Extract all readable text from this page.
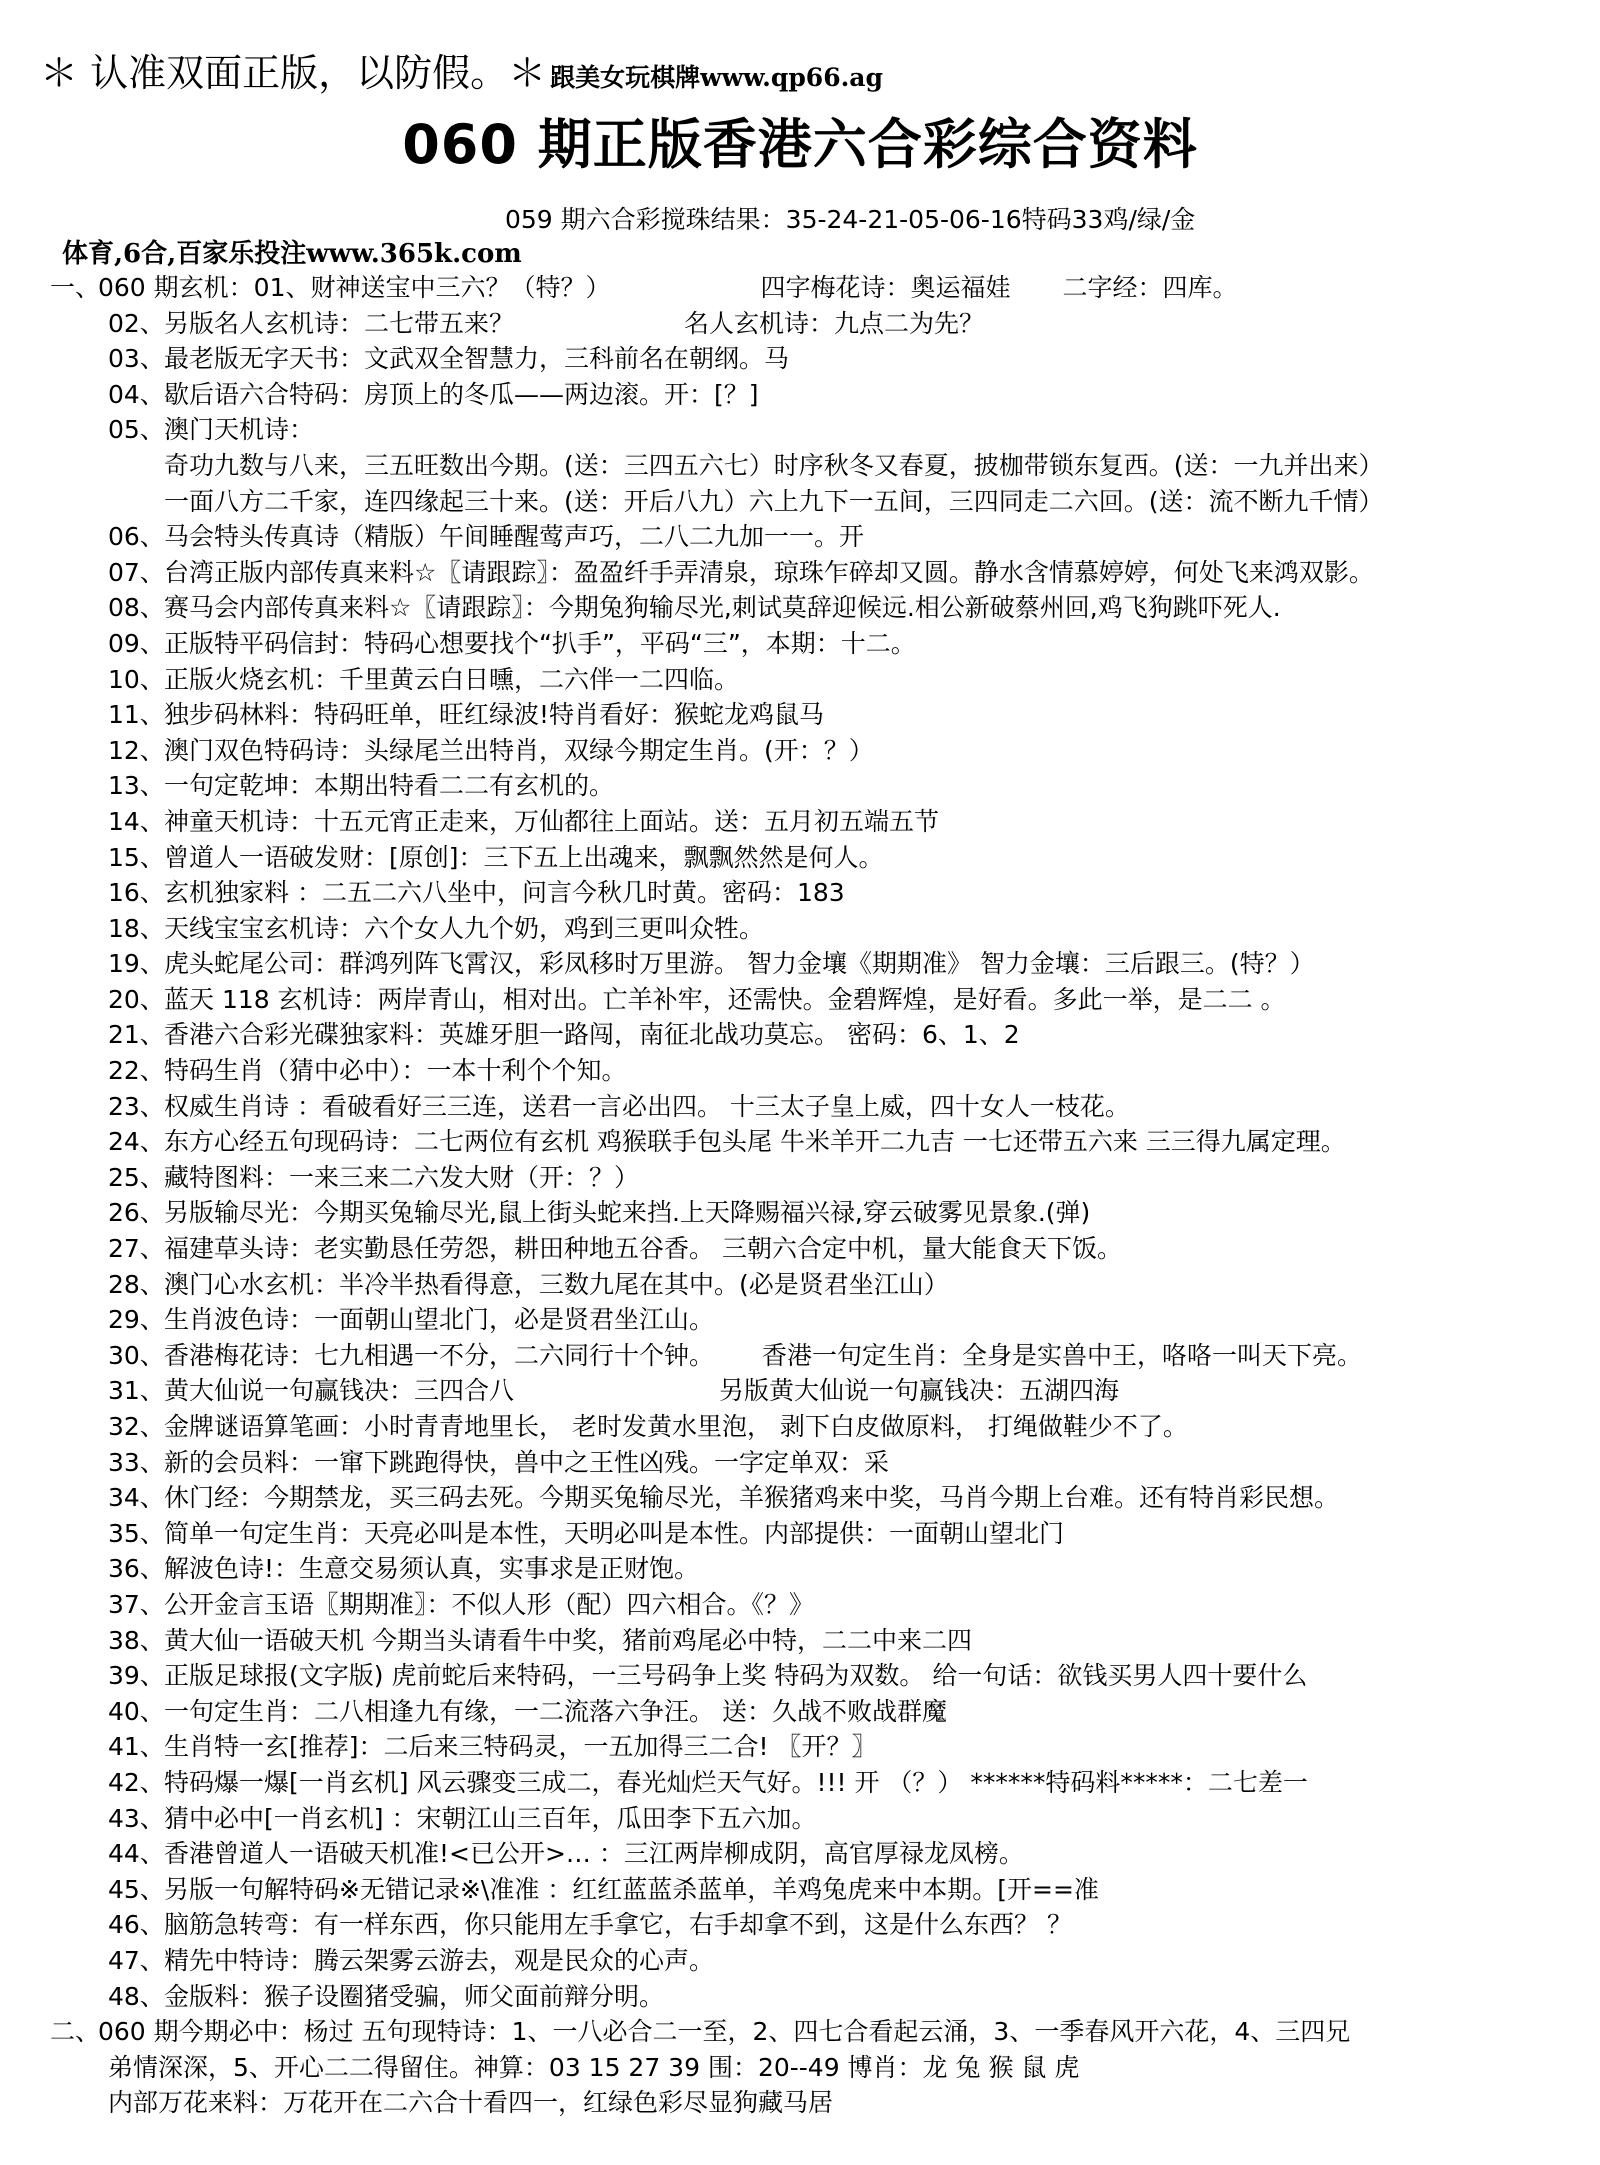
＊ 认准双面正版，以防假。＊ 跟美女玩棋牌www.qp66.ag
060 期正版香港六合彩综合资料
059 期六合彩搅珠结果：35-24-21-05-06-16特码33鸡/绿/金
体育,6合,百家乐投注www.365k.com
一、
060 期玄机：01、财神送宝中三六？（特？）	四字梅花诗：奥运福娃 二字经：四库。
02、 另版名人玄机诗：二七带五来？	名人玄机诗：九点二为先？
03、 最老版无字天书：文武双全智慧力，三科前名在朝纲。马
04、 歇后语六合特码：房顶上的冬瓜——两边滚。开：[？]
05、 澳门天机诗：
奇功九数与八来，三五旺数出今期。(送：三四五六七）时序秋冬又春夏，披枷带锁东复西。(送：一九并出来）
一面八方二千家，连四缘起三十来。(送：开后八九）六上九下一五间，三四同走二六回。(送：流不断九千情）
06、 马会特头传真诗（精版）午间睡醒莺声巧，二八二九加一一。开
07、 台湾正版内部传真来料☆〖请跟踪〗：盈盈纤手弄清泉，琼珠乍碎却又圆。静水含情慕婷婷，何处飞来鸿双影。
08、 赛马会内部传真来料☆〖请跟踪〗：今期兔狗输尽光,刺试莫辞迎候远.相公新破蔡州回,鸡飞狗跳吓死人.
09、 正版特平码信封：特码心想要找个“扒手”，平码“三”，本期：十二。
10、 正版火烧玄机：千里黄云白日曛，二六伴一二四临。
11、 独步码林料：特码旺单，旺红绿波!特肖看好：猴蛇龙鸡鼠马
12、 澳门双色特码诗：头绿尾兰出特肖，双绿今期定生肖。(开：？）
13、 一句定乾坤：本期出特看二二有玄机的。
14、 神童天机诗：十五元宵正走来，万仙都往上面站。送：五月初五端五节
15、 曾道人一语破发财：[原创]：三下五上出魂来，飘飘然然是何人。
16、 玄机独家料 ：二五二六八坐中，问言今秋几时黄。密码：183
18、 天线宝宝玄机诗：六个女人九个奶，鸡到三更叫众牲。
19、 虎头蛇尾公司：群鸿列阵飞霄汉，彩凤移时万里游。 智力金壤《期期准》 智力金壤：三后跟三。(特？）
20、 蓝天 118 玄机诗：两岸青山，相对出。亡羊补牢，还需快。金碧辉煌，是好看。多此一举，是二二 。
21、 香港六合彩光碟独家料：英雄牙胆一路闯，南征北战功莫忘。 密码：6、1、2
22、 特码生肖（猜中必中）：一本十利个个知。
23、 权威生肖诗 ：看破看好三三连，送君一言必出四。 十三太子皇上威，四十女人一枝花。
24、 东方心经五句现码诗：二七两位有玄机 鸡猴联手包头尾 牛米羊开二九吉 一七还带五六来 三三得九属定理。
25、 藏特图料：一来三来二六发大财（开：？）
26、 另版输尽光：今期买兔输尽光,鼠上街头蛇来挡.上天降赐福兴禄,穿云破雾见景象.(弹)
27、 福建草头诗：老实勤恳任劳怨，耕田种地五谷香。 三朝六合定中机，量大能食天下饭。
28、 澳门心水玄机：半冷半热看得意，三数九尾在其中。(必是贤君坐江山）
29、 生肖波色诗：一面朝山望北门，必是贤君坐江山。
30、 香港梅花诗：七九相遇一不分，二六同行十个钟。 香港一句定生肖：全身是实兽中王，咯咯一叫天下亮。
31、 黄大仙说一句赢钱决：三四合八	另版黄大仙说一句赢钱决：五湖四海
32、 金牌谜语算笔画：小时青青地里长， 老时发黄水里泡， 剥下白皮做原料， 打绳做鞋少不了。
33、 新的会员料：一窜下跳跑得快，兽中之王性凶残。一字定单双：采
34、 休门经：今期禁龙，买三码去死。今期买兔输尽光，羊猴猪鸡来中奖，马肖今期上台难。还有特肖彩民想。
35、 简单一句定生肖：天亮必叫是本性，天明必叫是本性。内部提供：一面朝山望北门
36、 解波色诗!：生意交易须认真，实事求是正财饱。
37、 公开金言玉语〖期期准〗：不似人形（配）四六相合。《？》
38、 黄大仙一语破天机 今期当头请看牛中奖，猪前鸡尾必中特，二二中来二四
39、 正版足球报(文字版) 虎前蛇后来特码，一三号码争上奖 特码为双数。 给一句话：欲钱买男人四十要什么
40、 一句定生肖：二八相逢九有缘，一二流落六争汪。 送：久战不败战群魔
41、 生肖特一玄[推荐]：二后来三特码灵，一五加得三二合! 〖开？〗
42、 特码爆一爆[一肖玄机] 风云骤变三成二，春光灿烂天气好。!!! 开 （？） ******特码料*****：二七差一
43、 猜中必中[一肖玄机] ：宋朝江山三百年，瓜田李下五六加。
44、 香港曾道人一语破天机准!<已公开>… ：三江两岸柳成阴，高官厚禄龙凤榜。
45、 另版一句解特码※无错记录※\准准 ：红红蓝蓝杀蓝单，羊鸡兔虎来中本期。[开==准
46、 脑筋急转弯：有一样东西，你只能用左手拿它，右手却拿不到，这是什么东西？ ？
47、 精先中特诗：腾云架雾云游去，观是民众的心声。
48、 金版料：猴子设圈猪受骗，师父面前辩分明。
二、
060 期今期必中：杨过 五句现特诗：1、一八必合二一至，2、四七合看起云涌，3、一季春风开六花，4、三四兄
弟情深深，5、开心二二得留住。神算：03 15 27 39 围：20--49 博肖：龙 兔 猴 鼠 虎
内部万花来料：万花开在二六合十看四一，红绿色彩尽显狗藏马居
